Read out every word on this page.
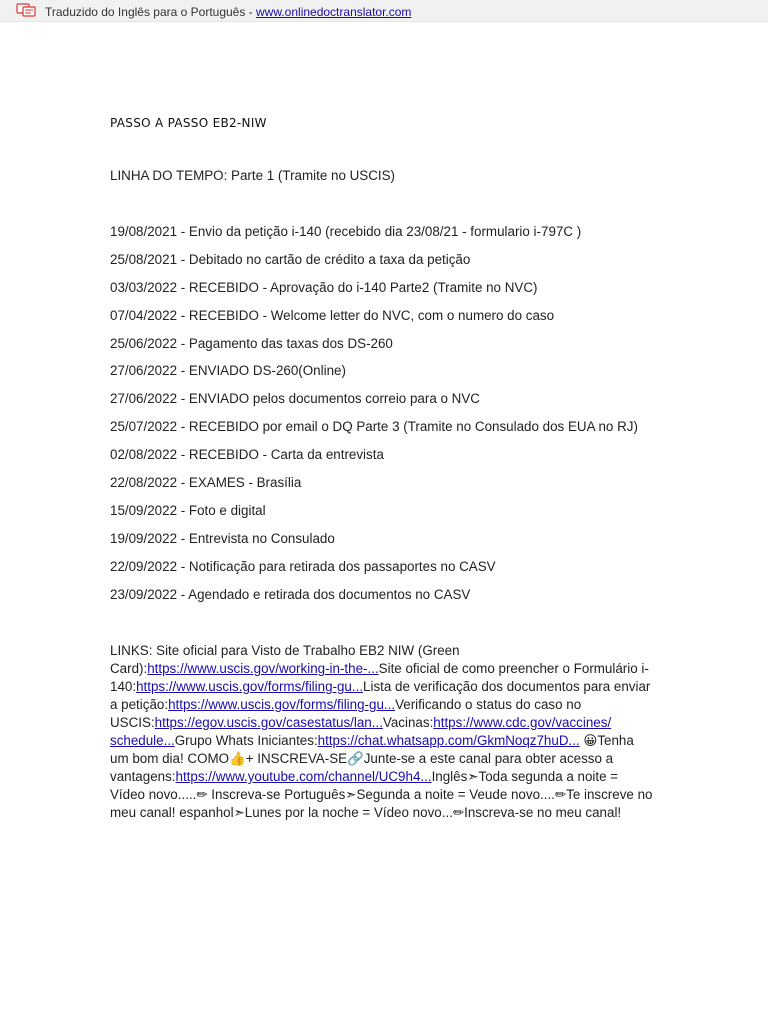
Traduzido do Inglês para o Português - www.onlinedoctranslator.com
PASSO A PASSO EB2-NIW
LINHA DO TEMPO: Parte 1 (Tramite no USCIS)
19/08/2021 - Envio da petição i-140 (recebido dia 23/08/21 - formulario i-797C )
25/08/2021 - Debitado no cartão de crédito a taxa da petição
03/03/2022 - RECEBIDO - Aprovação do i-140 Parte2 (Tramite no NVC)
07/04/2022 - RECEBIDO - Welcome letter do NVC, com o numero do caso
25/06/2022 - Pagamento das taxas dos DS-260
27/06/2022 - ENVIADO DS-260(Online)
27/06/2022 - ENVIADO pelos documentos correio para o NVC
25/07/2022 - RECEBIDO por email o DQ Parte 3 (Tramite no Consulado dos EUA no RJ)
02/08/2022 - RECEBIDO - Carta da entrevista
22/08/2022 - EXAMES - Brasília
15/09/2022 - Foto e digital
19/09/2022 - Entrevista no Consulado
22/09/2022 - Notificação para retirada dos passaportes no CASV
23/09/2022 - Agendado e retirada dos documentos no CASV

LINKS: Site oficial para Visto de Trabalho EB2 NIW (Green Card):https://www.uscis.gov/working-in-the-...Site oficial de como preencher o Formulário i-140:https://www.uscis.gov/forms/filing-gu...Lista de verificação dos documentos para enviar a petição:https://www.uscis.gov/forms/filing-gu...Verificando o status do caso no USCIS:https://egov.uscis.gov/casestatus/lan...Vacinas:https://www.cdc.gov/vaccines/ schedule...Grupo Whats Iniciantes:https://chat.whatsapp.com/GkmNoqz7huD... 😀Tenha um bom dia! COMO👍+ INSCREVA-SE🔗Junte-se a este canal para obter acesso a vantagens:https://www.youtube.com/channel/UC9h4...Inglês➣Toda segunda a noite = Vídeo novo.....✏ Inscreva-se Português➣Segunda a noite = Veude novo....✏Te inscreve no meu canal! espanhol➣Lunes por la noche = Vídeo novo...✏Inscreva-se no meu canal!
